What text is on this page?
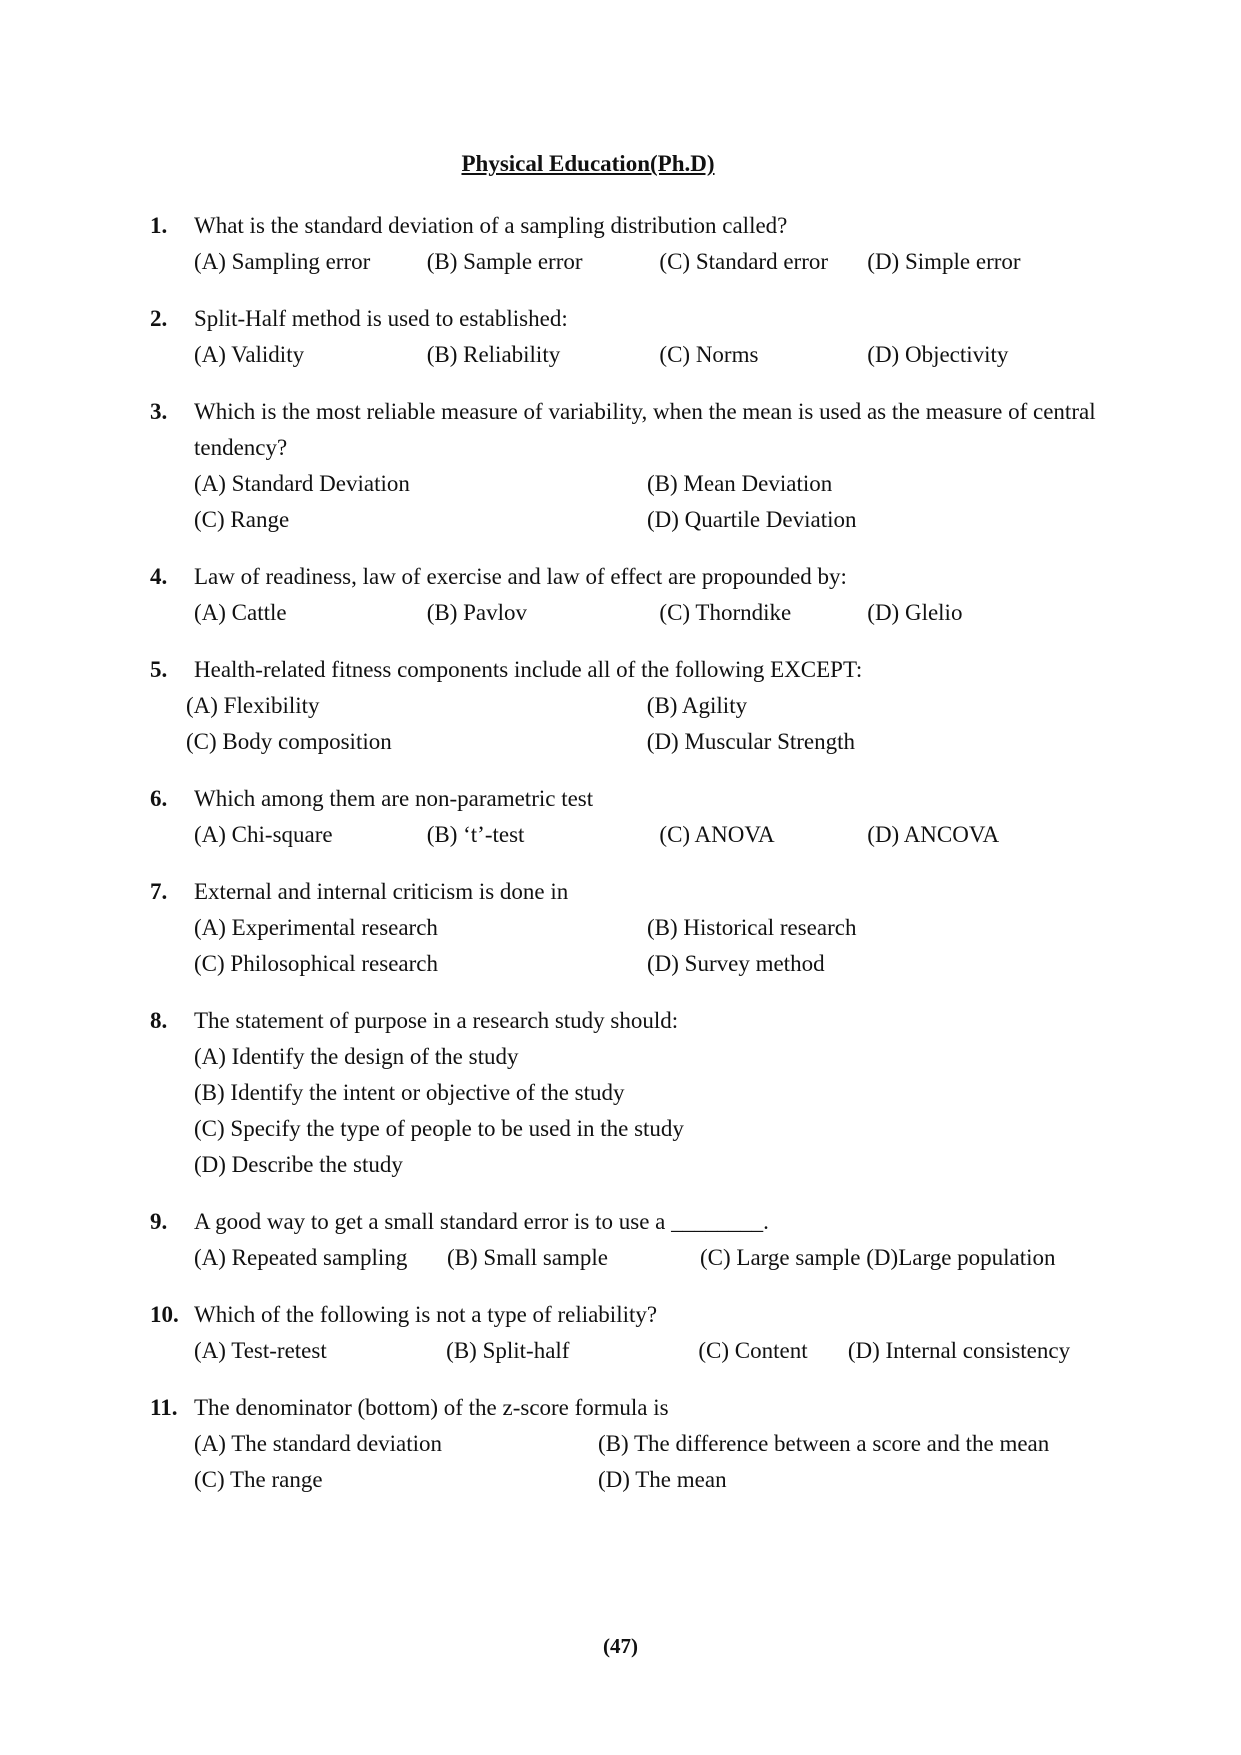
Physical Education(Ph.D)
1. What is the standard deviation of a sampling distribution called?
(A) Sampling error	(B) Sample error	(C) Standard error	(D) Simple error
2. Split-Half method is used to established:
(A) Validity	(B) Reliability	(C) Norms	(D) Objectivity
3. Which is the most reliable measure of variability, when the mean is used as the measure of central tendency?
(A) Standard Deviation	(B) Mean Deviation
(C) Range	(D) Quartile Deviation
4. Law of readiness, law of exercise and law of effect are propounded by:
(A) Cattle	(B) Pavlov	(C) Thorndike	(D) Glelio
5. Health-related fitness components include all of the following EXCEPT:
(A) Flexibility	(B) Agility
(C) Body composition	(D) Muscular Strength
6. Which among them are non-parametric test
(A) Chi-square	(B) ‘t’-test	(C) ANOVA	(D) ANCOVA
7. External and internal criticism is done in
(A) Experimental research	(B) Historical research
(C) Philosophical research	(D) Survey method
8. The statement of purpose in a research study should:
(A) Identify the design of the study
(B) Identify the intent or objective of the study
(C) Specify the type of people to be used in the study
(D) Describe the study
9. A good way to get a small standard error is to use a ________.
(A) Repeated sampling	(B) Small sample	(C) Large sample (D)Large population
10. Which of the following is not a type of reliability?
(A) Test-retest	(B) Split-half	(C) Content	(D) Internal consistency
11. The denominator (bottom) of the z-score formula is
(A) The standard deviation	(B) The difference between a score and the mean
(C) The range	(D) The mean
(47)
